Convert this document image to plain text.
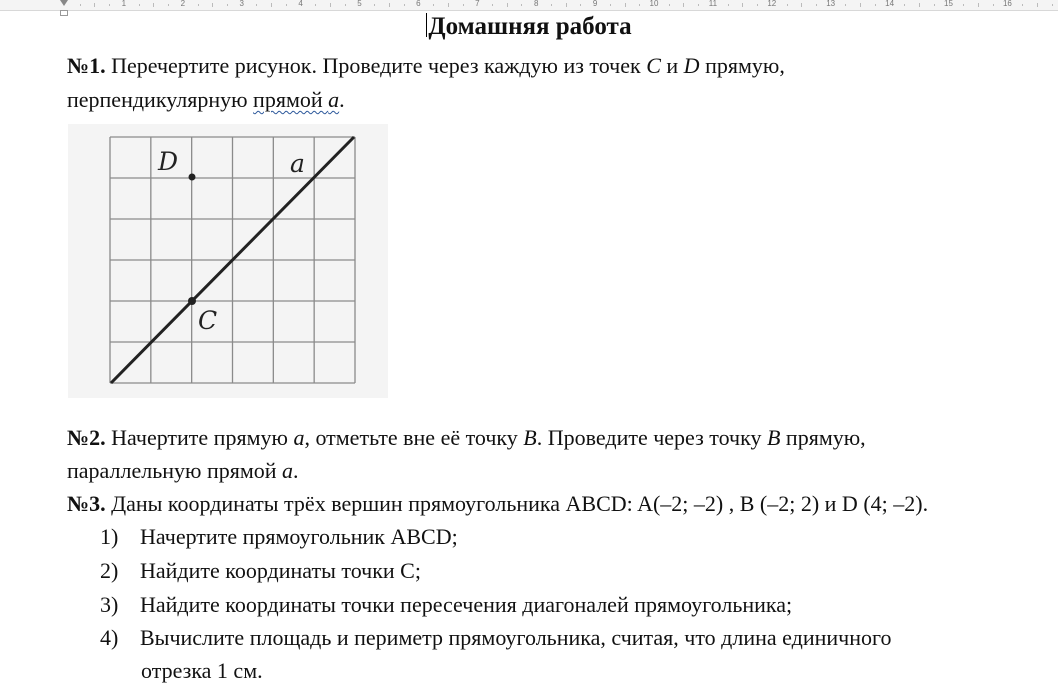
1	2	3	4	5	6	7	8	9	10	11	12	13	14	15	16
Домашняя работа
№1. Перечертите рисунок. Проведите через каждую из точек C и D прямую,
перпендикулярную прямой a.
D	a
C
№2. Начертите прямую a, отметьте вне её точку B. Проведите через точку B прямую,
параллельную прямой a.
№3. Даны координаты трёх вершин прямоугольника ABCD: A(–2; –2) , B (–2; 2) и D (4; –2).
1) Начертите прямоугольник ABCD;
2) Найдите координаты точки C;
3) Найдите координаты точки пересечения диагоналей прямоугольника;
4) Вычислите площадь и периметр прямоугольника, считая, что длина единичного
отрезка 1 см.
